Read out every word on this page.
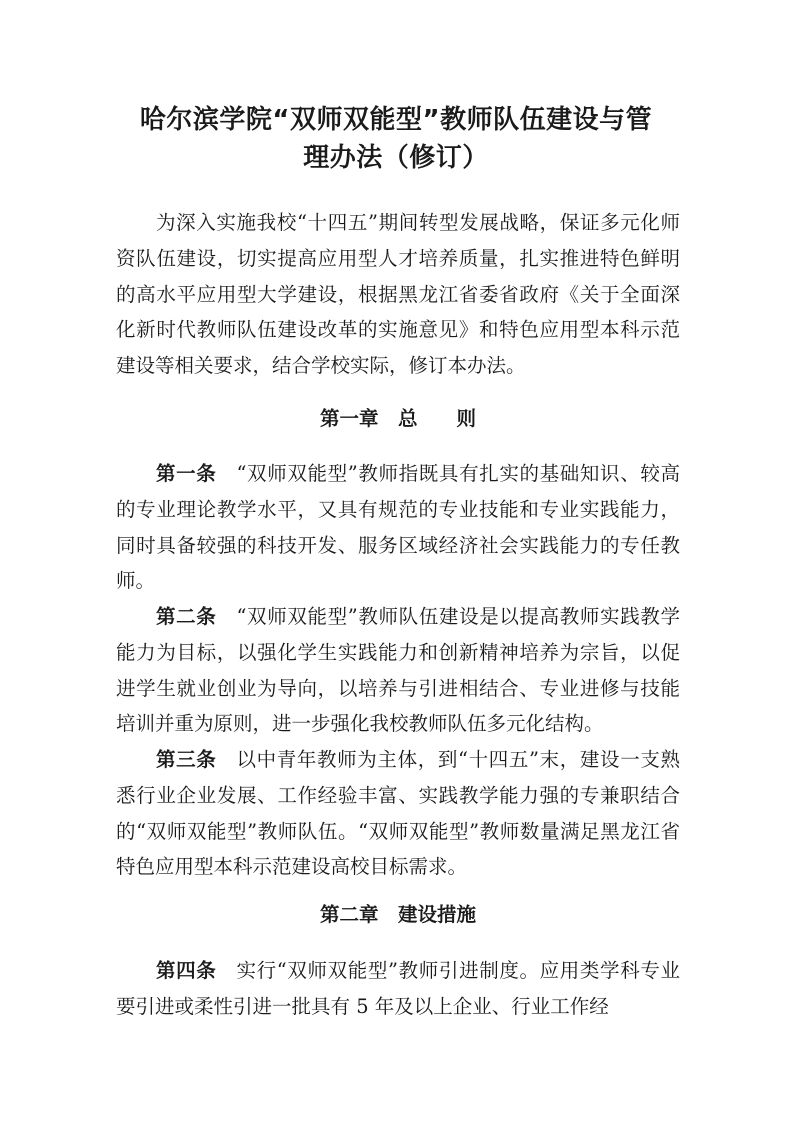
哈尔滨学院“双师双能型”教师队伍建设与管
理办法（修订）

为深入实施我校“十四五”期间转型发展战略，保证多元化师资队伍建设，切实提高应用型人才培养质量，扎实推进特色鲜明的高水平应用型大学建设，根据黑龙江省委省政府《关于全面深化新时代教师队伍建设改革的实施意见》和特色应用型本科示范建设等相关要求，结合学校实际，修订本办法。

第一章　总　　则

第一条 “双师双能型”教师指既具有扎实的基础知识、较高的专业理论教学水平，又具有规范的专业技能和专业实践能力，同时具备较强的科技开发、服务区域经济社会实践能力的专任教师。

第二条 “双师双能型”教师队伍建设是以提高教师实践教学能力为目标，以强化学生实践能力和创新精神培养为宗旨，以促进学生就业创业为导向，以培养与引进相结合、专业进修与技能培训并重为原则，进一步强化我校教师队伍多元化结构。

第三条 以中青年教师为主体，到“十四五”末，建设一支熟悉行业企业发展、工作经验丰富、实践教学能力强的专兼职结合的“双师双能型”教师队伍。“双师双能型”教师数量满足黑龙江省特色应用型本科示范建设高校目标需求。

第二章　建设措施

第四条 实行“双师双能型”教师引进制度。应用类学科专业要引进或柔性引进一批具有 5 年及以上企业、行业工作经
